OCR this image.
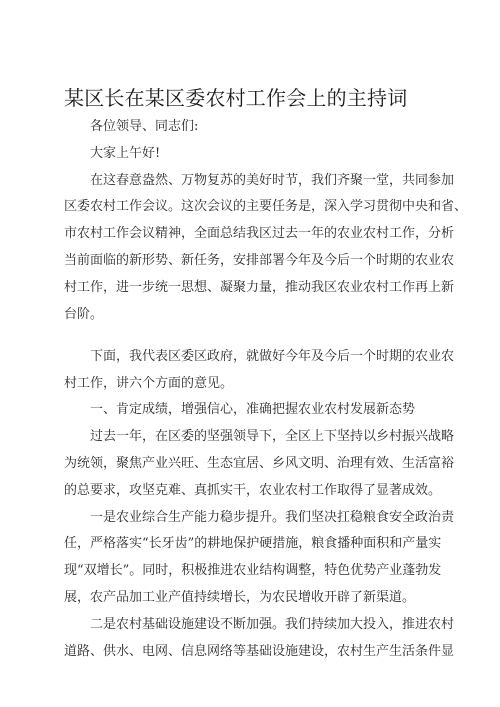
某区长在某区委农村工作会上的主持词

各位领导、同志们:

大家上午好!

在这春意盎然、万物复苏的美好时节，我们齐聚一堂，共同参加

区委农村工作会议。这次会议的主要任务是，深入学习贯彻中央和省、

市农村工作会议精神，全面总结我区过去一年的农业农村工作，分析

当前面临的新形势、新任务，安排部署今年及今后一个时期的农业农

村工作，进一步统一思想、凝聚力量，推动我区农业农村工作再上新

台阶。

下面，我代表区委区政府，就做好今年及今后一个时期的农业农

村工作，讲六个方面的意见。

一、肯定成绩，增强信心，准确把握农业农村发展新态势

过去一年，在区委的坚强领导下，全区上下坚持以乡村振兴战略

为统领，聚焦产业兴旺、生态宜居、乡风文明、治理有效、生活富裕

的总要求，攻坚克难、真抓实干，农业农村工作取得了显著成效。

一是农业综合生产能力稳步提升。我们坚决扛稳粮食安全政治责

任，严格落实“长牙齿”的耕地保护硬措施，粮食播种面积和产量实

现“双增长”。同时，积极推进农业结构调整，特色优势产业蓬勃发

展，农产品加工业产值持续增长，为农民增收开辟了新渠道。

二是农村基础设施建设不断加强。我们持续加大投入，推进农村

道路、供水、电网、信息网络等基础设施建设，农村生产生活条件显
